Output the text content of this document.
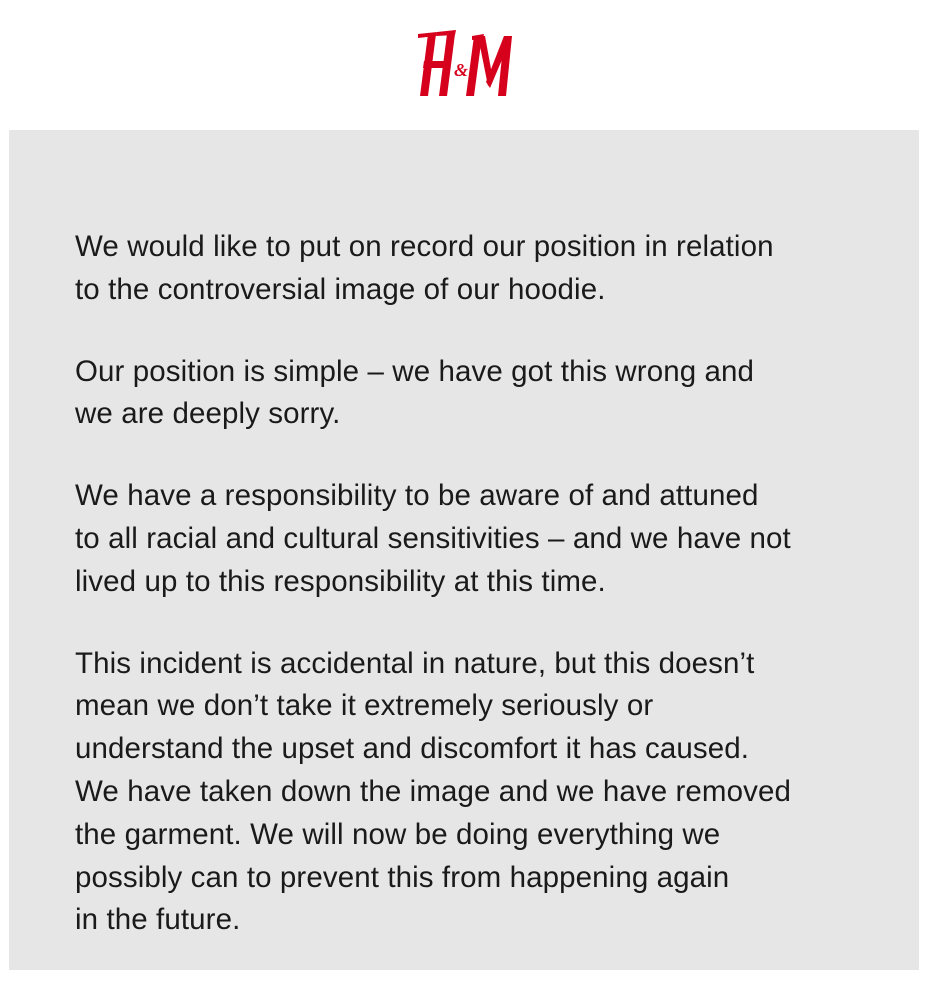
&

We would like to put on record our position in relation
to the controversial image of our hoodie.

Our position is simple – we have got this wrong and
we are deeply sorry.

We have a responsibility to be aware of and attuned
to all racial and cultural sensitivities – and we have not
lived up to this responsibility at this time.

This incident is accidental in nature, but this doesn’t
mean we don’t take it extremely seriously or
understand the upset and discomfort it has caused.
We have taken down the image and we have removed
the garment. We will now be doing everything we
possibly can to prevent this from happening again
in the future.
